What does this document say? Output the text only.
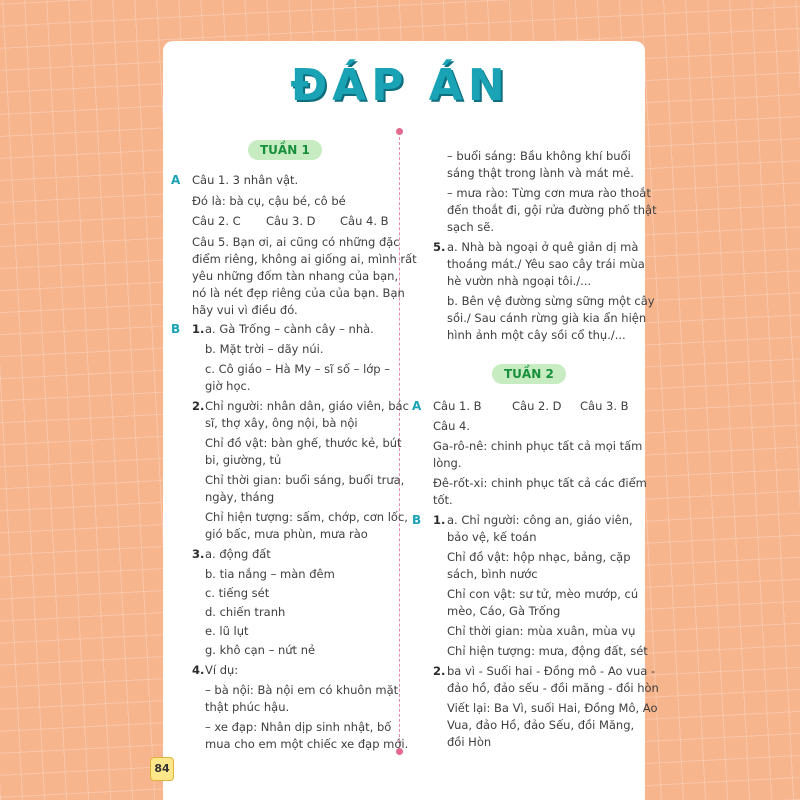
ĐÁP ÁN
TUẦN 1
A Câu 1. 3 nhân vật.
Đó là: bà cụ, cậu bé, cô bé
Câu 2. C Câu 3. D Câu 4. B
Câu 5. Bạn ơi, ai cũng có những đặc
điểm riêng, không ai giống ai, mình rất
yêu những đốm tàn nhang của bạn,
nó là nét đẹp riêng của của bạn. Bạn
hãy vui vì điều đó.
B 1. a. Gà Trống – cành cây – nhà.
b. Mặt trời – dãy núi.
c. Cô giáo – Hà My – sĩ số – lớp –
giờ học.
2. Chỉ người: nhân dân, giáo viên, bác
sĩ, thợ xây, ông nội, bà nội
Chỉ đồ vật: bàn ghế, thước kẻ, bút
bi, giường, tủ
Chỉ thời gian: buổi sáng, buổi trưa,
ngày, tháng
Chỉ hiện tượng: sấm, chớp, cơn lốc,
gió bấc, mưa phùn, mưa rào
3. a. động đất
b. tia nắng – màn đêm
c. tiếng sét
d. chiến tranh
e. lũ lụt
g. khô cạn – nứt nẻ
4. Ví dụ:
– bà nội: Bà nội em có khuôn mặt
thật phúc hậu.
– xe đạp: Nhân dịp sinh nhật, bố
mua cho em một chiếc xe đạp mới.
– buổi sáng: Bầu không khí buổi
sáng thật trong lành và mát mẻ.
– mưa rào: Từng cơn mưa rào thoắt
đến thoắt đi, gội rửa đường phố thật
sạch sẽ.
5. a. Nhà bà ngoại ở quê giản dị mà
thoáng mát./ Yêu sao cây trái mùa
hè vườn nhà ngoại tôi./...
b. Bên vệ đường sừng sững một cây
sồi./ Sau cánh rừng già kia ẩn hiện
hình ảnh một cây sồi cổ thụ./...
TUẦN 2
A Câu 1. B	Câu 2. D Câu 3. B
Câu 4.
Ga-rô-nê: chinh phục tất cả mọi tấm
lòng.
Đê-rốt-xi: chinh phục tất cả các điểm
tốt.
B 1. a. Chỉ người: công an, giáo viên,
bảo vệ, kế toán
Chỉ đồ vật: hộp nhạc, bảng, cặp
sách, bình nước
Chỉ con vật: sư tử, mèo mướp, cú
mèo, Cáo, Gà Trống
Chỉ thời gian: mùa xuân, mùa vụ
Chỉ hiện tượng: mưa, động đất, sét
2. ba vì - Suối hai - Đồng mô - Ao vua -
đảo hồ, đảo sếu - đồi măng - đồi hòn
Viết lại: Ba Vì, suối Hai, Đồng Mô, Ao
Vua, đảo Hồ, đảo Sếu, đồi Măng,
đồi Hòn
84
